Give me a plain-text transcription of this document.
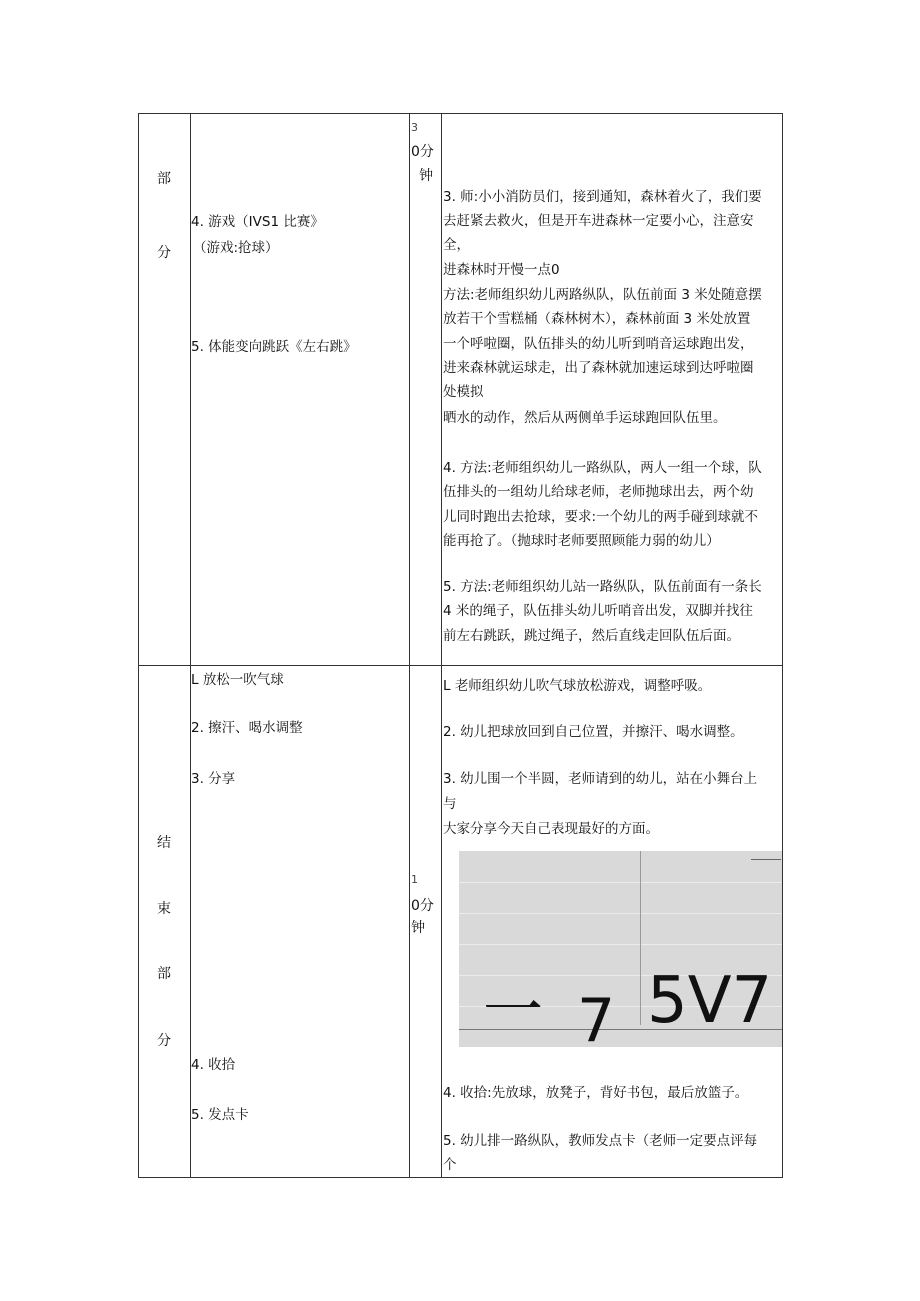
部
分
4. 游戏（IVS1 比赛》
（游戏:抢球）
5. 体能变向跳跃《左右跳》
3
0分
钟
3. 师:小小消防员们，接到通知，森林着火了，我们要
去赶紧去救火，但是开车进森林一定要小心，注意安
全，
进森林时开慢一点0
方法:老师组织幼儿两路纵队，队伍前面 3 米处随意摆
放若干个雪糕桶（森林树木），森林前面 3 米处放置
一个呼啦圈，队伍排头的幼儿听到哨音运球跑出发，
进来森林就运球走，出了森林就加速运球到达呼啦圈
处模拟
晒水的动作，然后从两侧单手运球跑回队伍里。
4. 方法:老师组织幼儿一路纵队，两人一组一个球，队
伍排头的一组幼儿给球老师，老师抛球出去，两个幼
儿同时跑出去抢球，要求:一个幼儿的两手碰到球就不
能再抢了。（抛球时老师要照顾能力弱的幼儿）
5. 方法:老师组织幼儿站一路纵队，队伍前面有一条长
4 米的绳子，队伍排头幼儿听哨音出发，双脚并找往
前左右跳跃，跳过绳子，然后直线走回队伍后面。
结
束
部
分
L 放松一吹气球
2. 擦汗、喝水调整
3. 分享
4. 收拾
5. 发点卡
1
0分
钟
L 老师组织幼儿吹气球放松游戏，调整呼吸。
2. 幼儿把球放回到自己位置，并擦汗、喝水调整。
3. 幼儿围一个半圆，老师请到的幼儿，站在小舞台上
与
大家分享今天自己表现最好的方面。
一 7 5V7
4. 收拾:先放球，放凳子，背好书包，最后放篮子。
5. 幼儿排一路纵队，教师发点卡（老师一定要点评每
个
